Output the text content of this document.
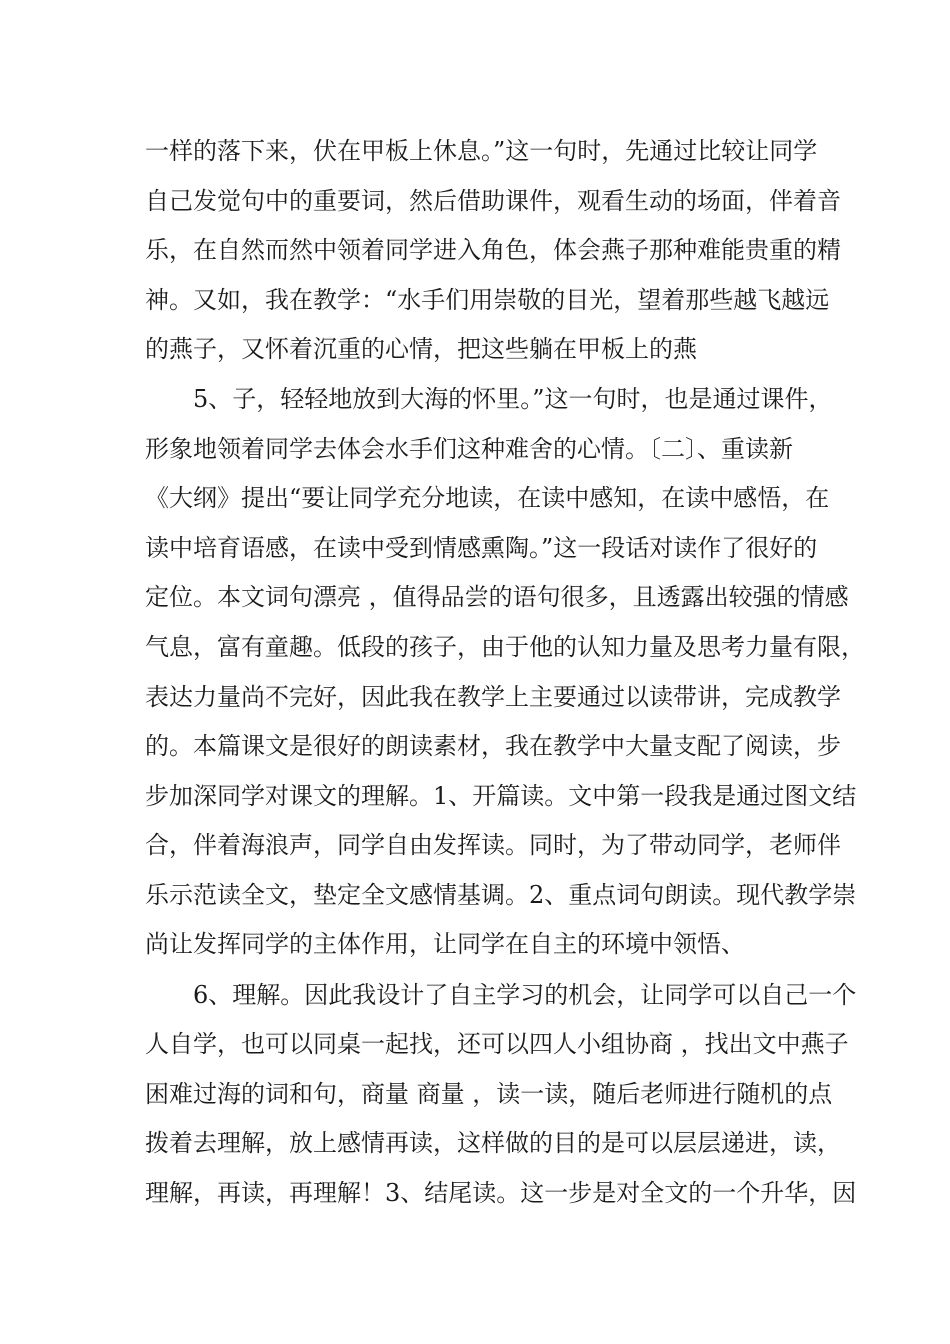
一样的落下来，伏在甲板上休息。”这一句时，先通过比较让同学
自己发觉句中的重要词，然后借助课件，观看生动的场面，伴着音
乐，在自然而然中领着同学进入角色，体会燕子那种难能贵重的精
神。又如，我在教学：“水手们用崇敬的目光，望着那些越飞越远
的燕子，又怀着沉重的心情，把这些躺在甲板上的燕
5、子，轻轻地放到大海的怀里。”这一句时，也是通过课件，
形象地领着同学去体会水手们这种难舍的心情。〔二〕、重读新
《大纲》提出“要让同学充分地读，在读中感知，在读中感悟，在
读中培育语感，在读中受到情感熏陶。”这一段话对读作了很好的
定位。本文词句漂亮 ，值得品尝的语句很多，且透露出较强的情感
气息，富有童趣。低段的孩子，由于他的认知力量及思考力量有限，
表达力量尚不完好，因此我在教学上主要通过以读带讲，完成教学
的。本篇课文是很好的朗读素材，我在教学中大量支配了阅读，步
步加深同学对课文的理解。1、开篇读。文中第一段我是通过图文结
合，伴着海浪声，同学自由发挥读。同时，为了带动同学，老师伴
乐示范读全文，垫定全文感情基调。2、重点词句朗读。现代教学崇
尚让发挥同学的主体作用，让同学在自主的环境中领悟、
6、理解。因此我设计了自主学习的机会，让同学可以自己一个
人自学，也可以同桌一起找，还可以四人小组协商 ，找出文中燕子
困难过海的词和句，商量 商量 ，读一读，随后老师进行随机的点
拨着去理解，放上感情再读，这样做的目的是可以层层递进，读，
理解，再读，再理解！3、结尾读。这一步是对全文的一个升华，因
